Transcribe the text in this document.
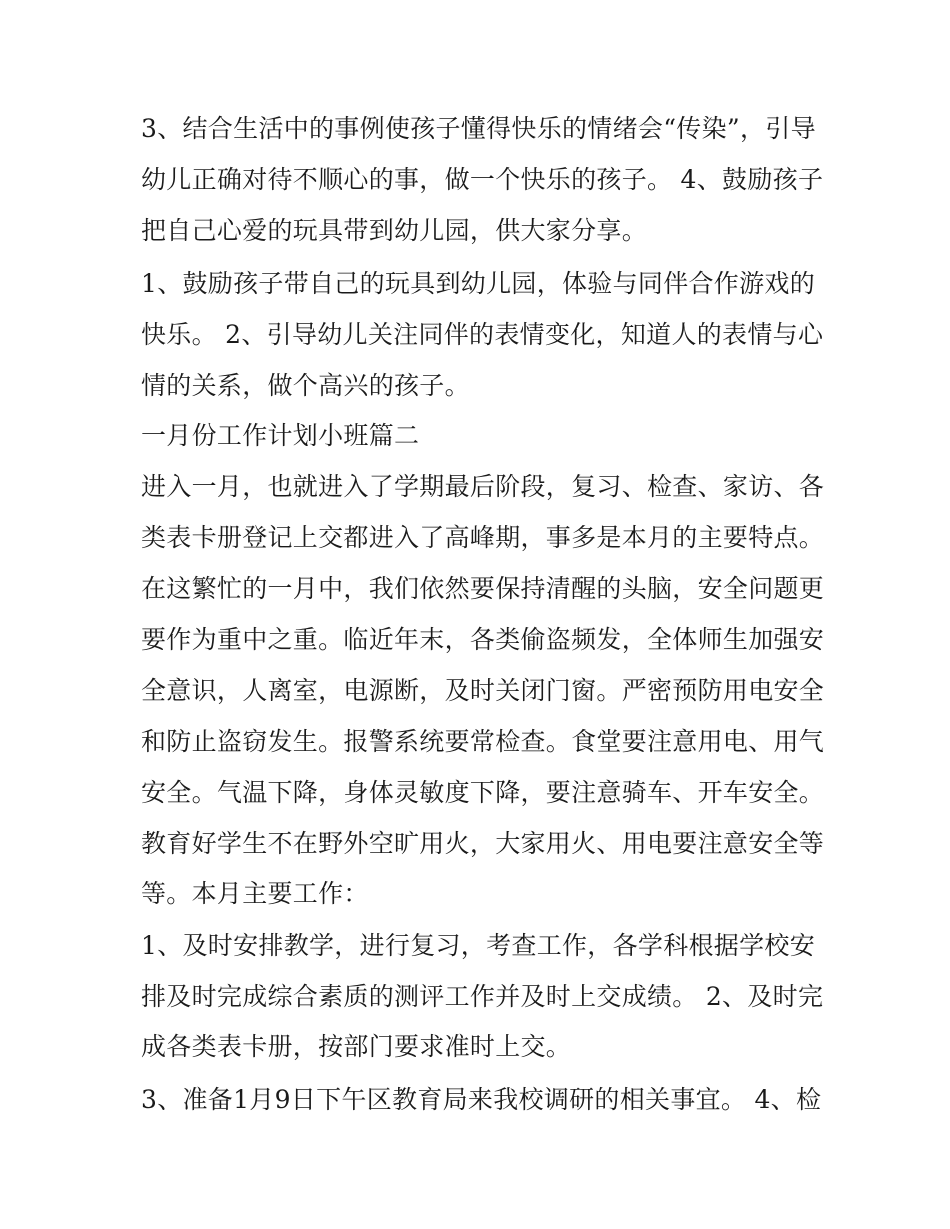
3、结合生活中的事例使孩子懂得快乐的情绪会“传染”，引导
幼儿正确对待不顺心的事，做一个快乐的孩子。 4、鼓励孩子
把自己心爱的玩具带到幼儿园，供大家分享。
1、鼓励孩子带自己的玩具到幼儿园，体验与同伴合作游戏的
快乐。 2、引导幼儿关注同伴的表情变化，知道人的表情与心
情的关系，做个高兴的孩子。
一月份工作计划小班篇二
进入一月，也就进入了学期最后阶段，复习、检查、家访、各
类表卡册登记上交都进入了高峰期，事多是本月的主要特点。
在这繁忙的一月中，我们依然要保持清醒的头脑，安全问题更
要作为重中之重。临近年末，各类偷盗频发，全体师生加强安
全意识，人离室，电源断，及时关闭门窗。严密预防用电安全
和防止盗窃发生。报警系统要常检查。食堂要注意用电、用气
安全。气温下降，身体灵敏度下降，要注意骑车、开车安全。
教育好学生不在野外空旷用火，大家用火、用电要注意安全等
等。本月主要工作：
1、及时安排教学，进行复习，考查工作，各学科根据学校安
排及时完成综合素质的测评工作并及时上交成绩。 2、及时完
成各类表卡册，按部门要求准时上交。
3、准备1月9日下午区教育局来我校调研的相关事宜。 4、检
